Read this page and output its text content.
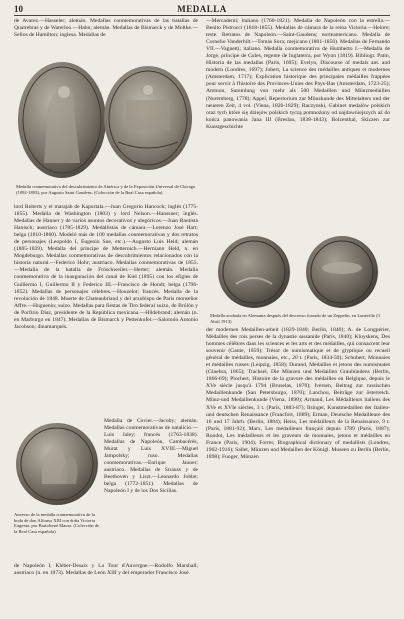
10	MEDALLA

de Avarez.—Hasseler; alemán. Medallas conmemorativas de las batallas de Quatrebras y de Waterloo.—Hahn; alemán. Medallas de Bismarck y de Moltke.—Sellos de Hamilton; inglesa. Medallas de

Medalla conmemorativa del descubrimiento de América y de la Exposición Universal de Chicago (1892-1893), por Augusto Saint Gaudens. (Colección de la Real Casa española)

—Mercadenti; italiano (1760-1821). Medalla de Napoleón con la estrella.—Benito Pistrucci (1818-1855). Medallas de cámara de la reina Victoria.—Heinre; teste. Retratos de Napoleón.—Saint-Gaudens; norteamericano. Medalla de Cornelio Vanderbilt.—Tomás Sora; mejicano (1801-1850). Medallas de Fernando VII.—Vagnetti; italiano. Medalla conmemorativa de Humberto I.—Medalla de Jorge, príncipe de Gales, regente de Inglaterra, por Wyon (1819). Bibliogr. Patin, Historia de las medallas (París, 1695); Evelyn, Discourse of medals ant. and modern (Londres, 1697); Jobert, La science des médailles antiques et modernes (Amsterdam, 1717); Explication historique des principales médailles frappées pour servir à l'histoire des Provinces-Unies des Pays-Bas (Amsterdam, 1723-25); Ammon, Sammlung von mehr als 500 Medaillen und Münzmedaillen (Nuremberg, 1778); Appel, Repertorium zur Münzkunde des Mittelalters und der neueren Zeit, 4 vol. (Viena, 1820-1829); Raczynski, Gabinet medalów polskich oraz tych które się dziejów polskich tyczą pomnożony od najdawniejszych aż do końca panowania Jana III (Breslau, 1838-1843); Bolzenthal, Skizzen zur Kunstgeschichte

lord Roberts y el marajah de Kapurtala.—Juan Gregorio Hancock; inglés (1775-1855). Medalla de Washington (1803) y lord Nelson.—Hanssner; inglés. Medallas de Hanner y de varios asuntos decorativos y alegóricos.—Juan Bautista Hanisch; austriaco (1785-1829). Medallistas de cámara.—Lorenzo José Hart; belga (1810-1860). Modeló más de 100 medallas conmemorativas y dos retratos de personajes (Leopoldo I, Eugenio Sue, etc.).—Augusto Luis Held; alemán (1805-1839). Medalla del príncipe de Metternich.—Hermann Held, n. en Mogdeburgo. Medallas conmemorativas de descubrimientos relacionados con la historia natural.—Federico Hohr; austriaco. Medallas conmemorativas de 1855.—Medalla de la batalla de Fröschweiler.—Herter; alemán. Medalla conmemorativa de la inauguración del canal de Kiel (1895) con los efigies de Guillermo I, Guillermo II y Federico III.—Francisco de Hondt; belga (1796-1852). Medallas de personajes célebres.—Houzelot; francés. Medalla de la revolución de 1848. Muerte de Chateaubriand y del arzobispo de París monseñor Affre.—Huguenin; suizo. Medallas para fiestas de Tiro federal suizo, de Brúlón y de Porfirio Díaz, presidente de la República mexicana.—Hildebrand; alemán (n. en Marburgo en 1847). Medallas de Bismarck y Pettenkofer.—Salomón Antonio Jacobson; dinamarqués.

Medalla acuñada en Alemania después del descenso forzado de un Zeppelin, en Lunéville (3 Abril 1913)

der modernen Medaillen-arbeit (1829-1840; Berlín, 1840); A. de Longpérier, Médailles des rois perses de la dynastie sassanide (París, 1840); Kluyskens, Des hommes célèbres dans les sciences et les arts et des médailles, qui consacrent leur souvenir (Gante, 1859); Trésor de numismatique et de glyptique ou recueil général de médailles, monnaies, etc., 20 t. (París, 1834-50); Schubert, Monnaies et médailles russes (Leipzig, 1858); Durand, Médailles et jetons des numismates (Ginebra, 1865); Trachsel, Die Münzen und Medaillen Graubündens (Berlín, 1866-69); Plochert, Histoire de la gravure des médailles en Belgique, depuis le XVe siècle jusqu'à 1794 (Bruselas, 1870); Iversen, Beitrag zur russischen Medaillenkunde (San Petersburgo, 1870); Lanchou, Beiträge zur österreich. Münz-und Medaillenkunde (Viena, 1890); Armand, Les Médailleurs italiens des XVe et XVIe siècles, 3 t. (París, 1883-87); Ilsinger, Kunstmedaillen der Italien- und deutschen Renaissance (Francfort, 1889); Erman, Deutsche Medailleure des 16 und 17 Jahrh. (Berlín, 1884); Heiss, Les médailleurs de la Renaissance, 9 t. (París, 1881-92); Marx, Les médailleurs français depuis 1789 (París, 1887); Rondot, Les médailleurs et les graveurs de monnaies, jetons et médailles en France (París, 1904); Forrer, Biographical dictionary of medallists (Londres, 1902-1916); Sallet, Münzen und Medaillen der Königl. Museen zu Berlín (Berlín, 1898); Fuoger, Münzen

Anverso de la medalla conmemorativa de la boda de don Alfonso XIII con doña Victoria Eugenia, por Bartolomé Maura. (Colección de la Real Casa española)

Medalla de Cuvier.—Jacoby; alemán. Medallas conmemorativas de natalicio.—Luis Jaley; francés (1763-1838). Medallas de Napoleón, Cambacérès, Murat y Luis XVIII.—Miguel Jampolsky; ruso. Medallas conmemorativas.—Enrique Jauner; austriaco. Medallas de Strauss y de Beethoven y Liszt.—Leonardo Jobbe; belga (1772-1851). Medallas de Napoleón I y de los Dos Sicilias.

de Napoleón I, Kléber-Desaix y La Tour d'Auvergne.—Rodolfo Marshall; austriaco (n. en 1873). Medallas de León XIII y del emperador Francisco José.
